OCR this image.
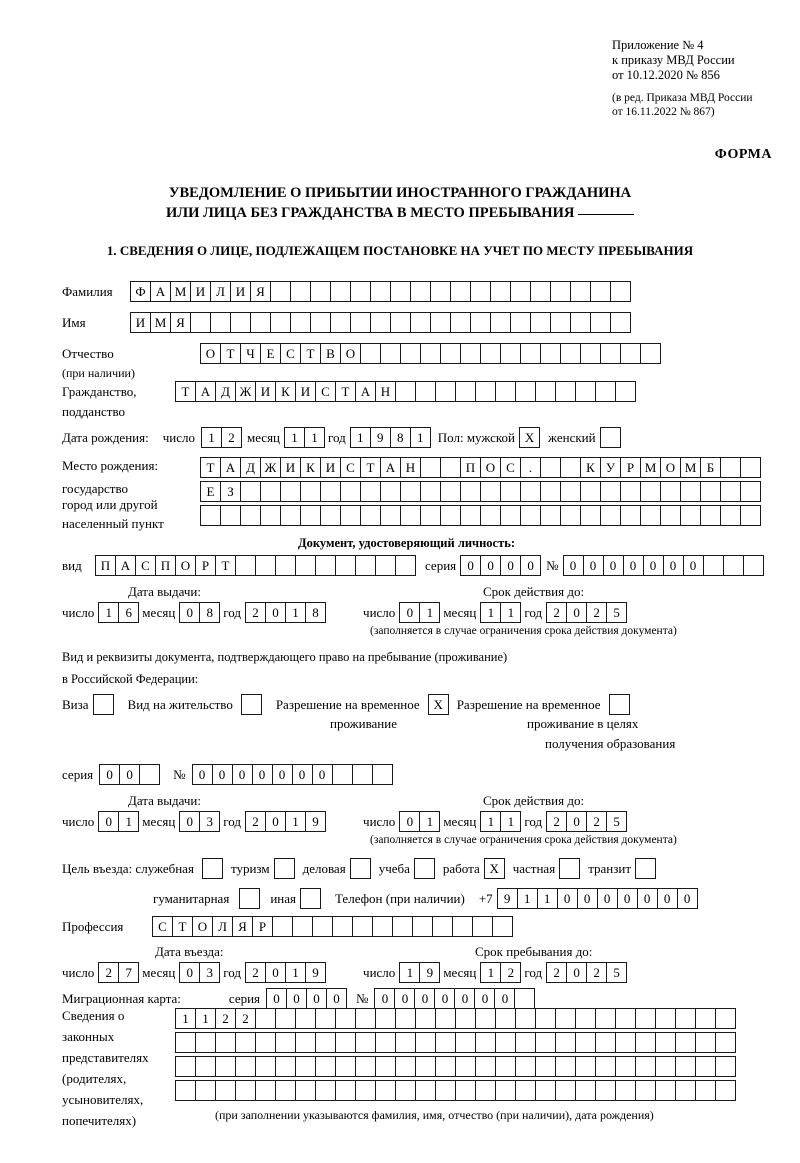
Приложение № 4
к приказу МВД России
от 10.12.2020 № 856
(в ред. Приказа МВД России
от 16.11.2022 № 867)
ФОРМА
УВЕДОМЛЕНИЕ О ПРИБЫТИИ ИНОСТРАННОГО ГРАЖДАНИНА
ИЛИ ЛИЦА БЕЗ ГРАЖДАНСТВА В МЕСТО ПРЕБЫВАНИЯ
1. СВЕДЕНИЯ О ЛИЦЕ, ПОДЛЕЖАЩЕМ ПОСТАНОВКЕ НА УЧЕТ ПО МЕСТУ ПРЕБЫВАНИЯ
Фамилия	Ф А М И Л И Я
Имя	И М Я
Отчество	О Т Ч Е С Т В О
(при наличии)
Гражданство,	Т А Д Ж И К И С Т А Н
подданство
Дата рождения: число	1	2 месяц 1	1 год 1	9	8	1	Пол: мужской X	женский
Место рождения:	Т А Д Ж И К И С Т А Н	П О С	.	К У Р М О М Б
государство	Е З
город или другой
населенный пункт
Документ, удостоверяющий личность:
вид	П А С П О Р Т	серия 0	0	0	0 № 0	0	0	0	0	0	0
Дата выдачи:	Срок действия до:
число 1	6 месяц 0	8 год 2	0	1	8	число 0	1 месяц 1	1 год 2	0	2	5
(заполняется в случае ограничения срока действия документа)
Вид и реквизиты документа, подтверждающего право на пребывание (проживание)
в Российской Федерации:
Виза	Вид на жительство	Разрешение на временное	X	Разрешение на временное
проживание	проживание в целях
получения образования
серия	0	0	№	0	0	0	0	0	0	0
Дата выдачи:	Срок действия до:
число 0	1 месяц 0	3 год 2	0	1	9	число 0	1 месяц 1	1 год 2	0	2	5
(заполняется в случае ограничения срока действия документа)
Цель въезда: служебная	туризм	деловая	учеба	работа X	частная	транзит
гуманитарная	иная	Телефон (при наличии) +7 9	1	1	0	0	0	0	0	0	0
Профессия	С Т О Л Я Р
Дата въезда:	Срок пребывания до:
число 2	7 месяц 0	3 год 2	0	1	9	число 1	9 месяц 1	2 год 2	0	2	5
Миграционная карта:	серия	0	0	0	0	№	0	0	0	0	0	0	0
Сведения о
законных
представителях
(родителях,
усыновителях,
попечителях)
1	1	2	2
(при заполнении указываются фамилия, имя, отчество (при наличии), дата рождения)
